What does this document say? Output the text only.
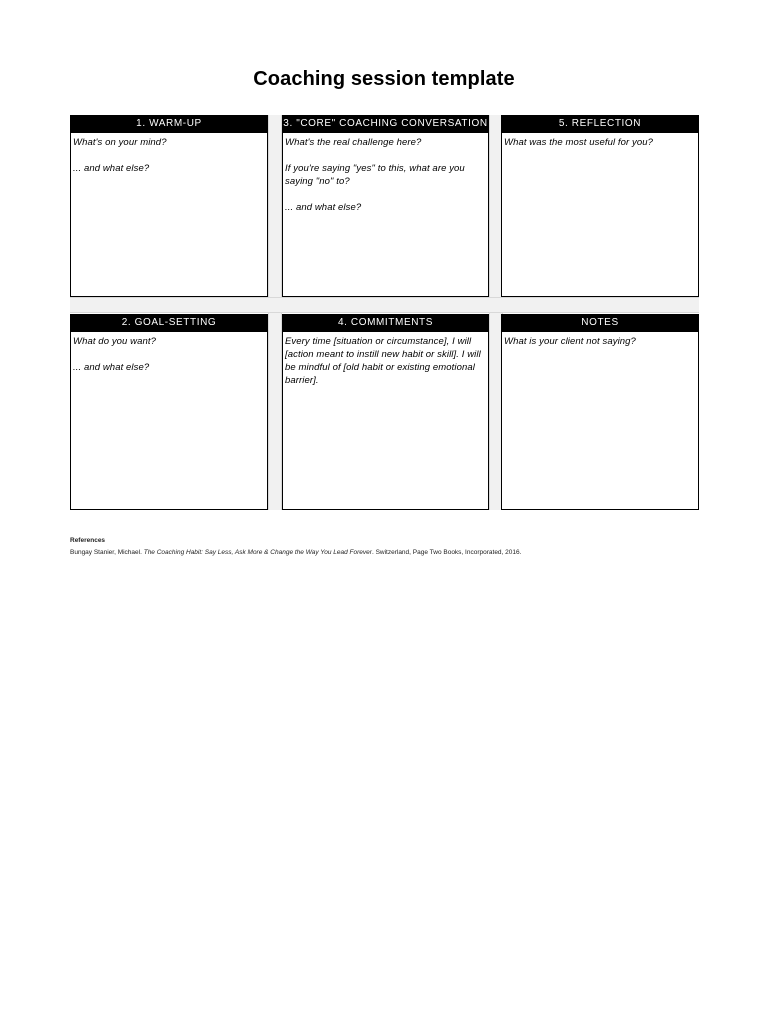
Coaching session template
1. WARM-UP

What's on your mind?

... and what else?

3. "CORE" COACHING CONVERSATION

What's the real challenge here?

If you're saying "yes" to this, what are you saying "no" to?

... and what else?

5. REFLECTION

What was the most useful for you?

2. GOAL-SETTING

What do you want?

... and what else?

4. COMMITMENTS

Every time [situation or circumstance], I will [action meant to instill new habit or skill]. I will be mindful of [old habit or existing emotional barrier].

NOTES

What is your client not saying?

References
Bungay Stanier, Michael. The Coaching Habit: Say Less, Ask More & Change the Way You Lead Forever. Switzerland, Page Two Books, Incorporated, 2016.
